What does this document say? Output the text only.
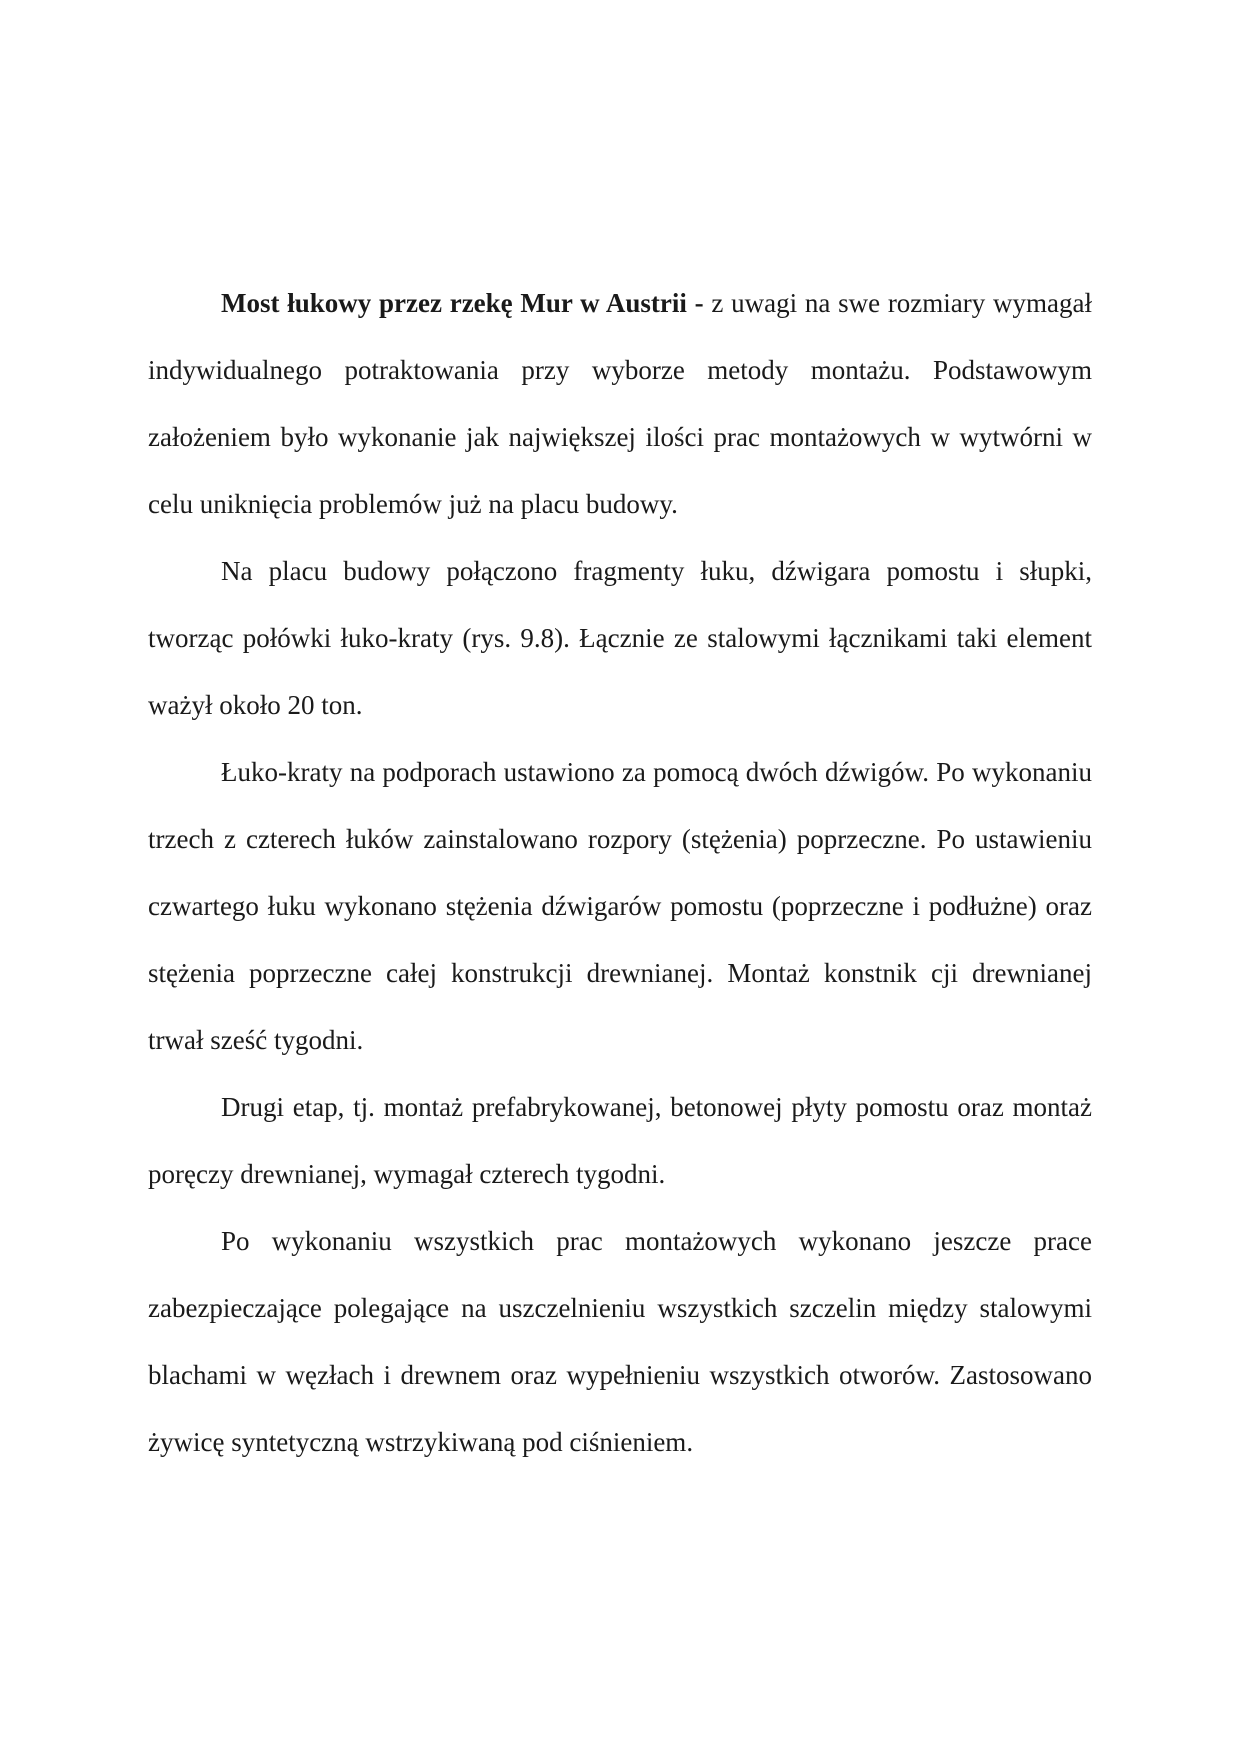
Most łukowy przez rzekę Mur w Austrii - z uwagi na swe rozmiary wymagał indywidualnego potraktowania przy wyborze metody montażu. Podstawowym założeniem było wykonanie jak największej ilości prac montażowych w wytwórni w celu uniknięcia problemów już na placu budowy.

Na placu budowy połączono fragmenty łuku, dźwigara pomostu i słupki, tworząc połówki łuko-kraty (rys. 9.8). Łącznie ze stalowymi łącznikami taki element ważył około 20 ton.

Łuko-kraty na podporach ustawiono za pomocą dwóch dźwigów. Po wykonaniu trzech z czterech łuków zainstalowano rozpory (stężenia) poprzeczne. Po ustawieniu czwartego łuku wykonano stężenia dźwigarów pomostu (poprzeczne i podłużne) oraz stężenia poprzeczne całej konstrukcji drewnianej. Montaż konstnik cji drewnianej trwał sześć tygodni.

Drugi etap, tj. montaż prefabrykowanej, betonowej płyty pomostu oraz montaż poręczy drewnianej, wymagał czterech tygodni.

Po wykonaniu wszystkich prac montażowych wykonano jeszcze prace zabezpieczające polegające na uszczelnieniu wszystkich szczelin między stalowymi blachami w węzłach i drewnem oraz wypełnieniu wszystkich otworów. Zastosowano żywicę syntetyczną wstrzykiwaną pod ciśnieniem.
